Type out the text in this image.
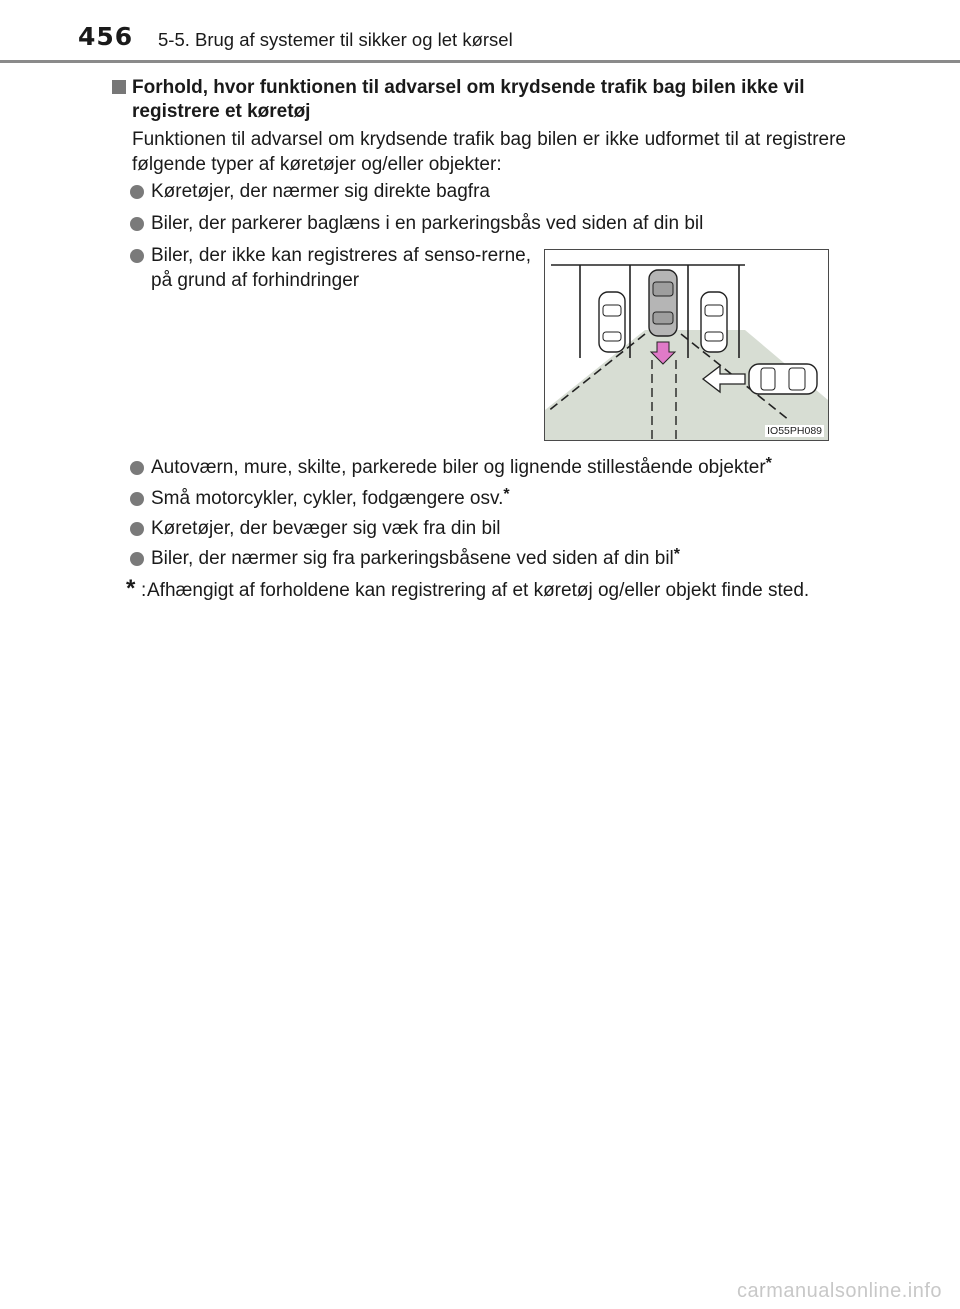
456 5-5. Brug af systemer til sikker og let kørsel
Forhold, hvor funktionen til advarsel om krydsende trafik bag bilen ikke vil registrere et køretøj
Funktionen til advarsel om krydsende trafik bag bilen er ikke udformet til at registrere følgende typer af køretøjer og/eller objekter:
Køretøjer, der nærmer sig direkte bagfra
Biler, der parkerer baglæns i en parkeringsbås ved siden af din bil
Biler, der ikke kan registreres af senso-rerne, på grund af forhindringer
IO55PH089
Autoværn, mure, skilte, parkerede biler og lignende stillestående objekter*
Små motorcykler, cykler, fodgængere osv.*
Køretøjer, der bevæger sig væk fra din bil
Biler, der nærmer sig fra parkeringsbåsene ved siden af din bil*
* : Afhængigt af forholdene kan registrering af et køretøj og/eller objekt finde sted.
carmanualsonline.info
